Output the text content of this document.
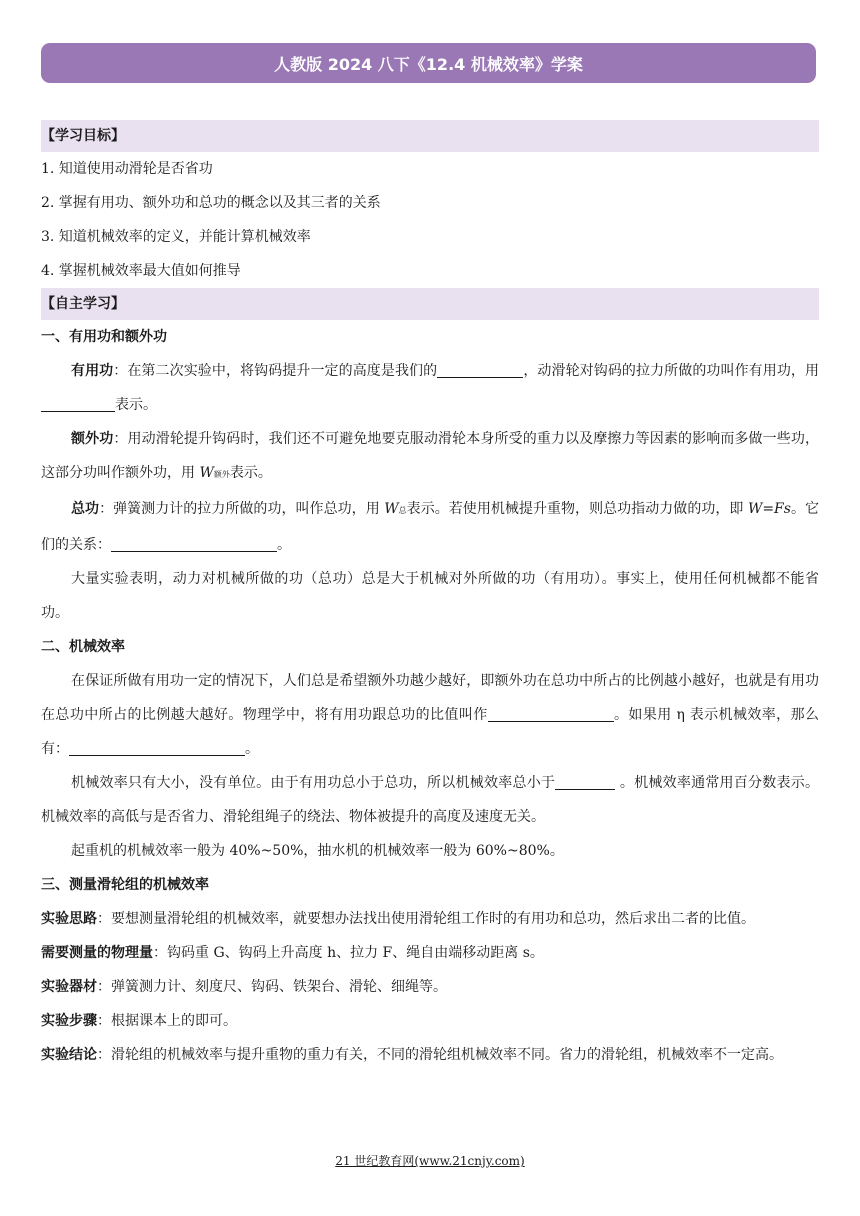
人教版 2024 八下《12.4 机械效率》学案
【学习目标】
1. 知道使用动滑轮是否省功
2. 掌握有用功、额外功和总功的概念以及其三者的关系
3. 知道机械效率的定义，并能计算机械效率
4. 掌握机械效率最大值如何推导
【自主学习】
一、有用功和额外功
有用功：在第二次实验中，将钩码提升一定的高度是我们的	，动滑轮对钩码的拉力所做的功叫作有用功，用表示。
额外功：用动滑轮提升钩码时，我们还不可避免地要克服动滑轮本身所受的重力以及摩擦力等因素的影响而多做一些功，这部分功叫作额外功，用 W额外表示。
总功：弹簧测力计的拉力所做的功，叫作总功，用 W总表示。若使用机械提升重物，则总功指动力做的功，即 W=Fs。它们的关系：	。
大量实验表明，动力对机械所做的功（总功）总是大于机械对外所做的功（有用功）。事实上，使用任何机械都不能省功。
二、机械效率
在保证所做有用功一定的情况下，人们总是希望额外功越少越好，即额外功在总功中所占的比例越小越好，也就是有用功在总功中所占的比例越大越好。物理学中，将有用功跟总功的比值叫作	。如果用 η 表示机械效率，那么有：	。
机械效率只有大小，没有单位。由于有用功总小于总功，所以机械效率总小于	。机械效率通常用百分数表示。机械效率的高低与是否省力、滑轮组绳子的绕法、物体被提升的高度及速度无关。
起重机的机械效率一般为 40%~50%，抽水机的机械效率一般为 60%~80%。
三、测量滑轮组的机械效率
实验思路：要想测量滑轮组的机械效率，就要想办法找出使用滑轮组工作时的有用功和总功，然后求出二者的比值。
需要测量的物理量：钩码重 G、钩码上升高度 h、拉力 F、绳自由端移动距离 s。
实验器材：弹簧测力计、刻度尺、钩码、铁架台、滑轮、细绳等。
实验步骤：根据课本上的即可。
实验结论：滑轮组的机械效率与提升重物的重力有关，不同的滑轮组机械效率不同。省力的滑轮组，机械效率不一定高。
21 世纪教育网(www.21cnjy.com)
